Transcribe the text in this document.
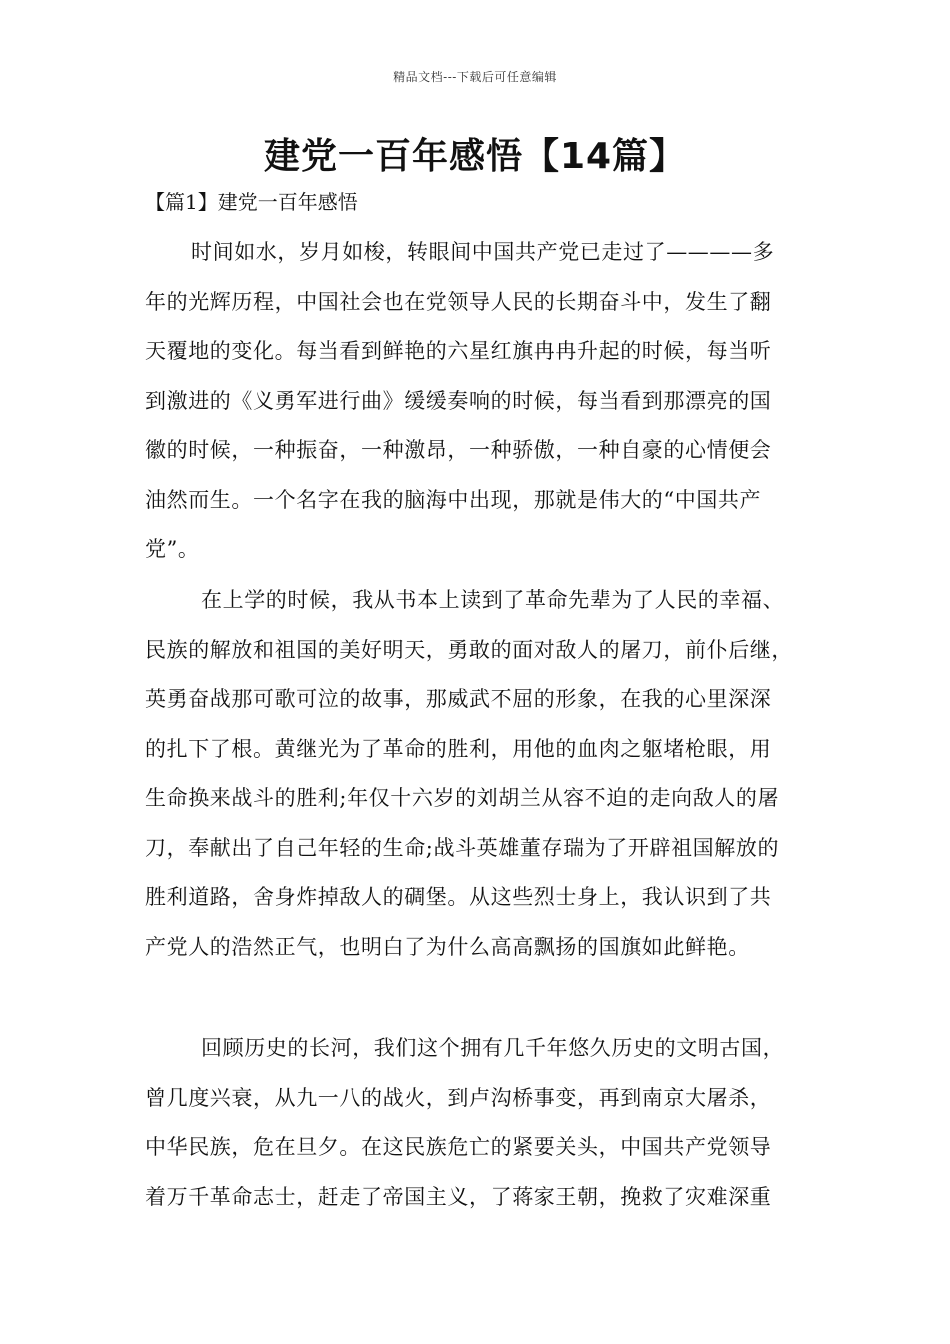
精品文档---下载后可任意编辑
建党一百年感悟【14篇】
【篇1】建党一百年感悟

时间如水，岁月如梭，转眼间中国共产党已走过了————多
年的光辉历程，中国社会也在党领导人民的长期奋斗中，发生了翻
天覆地的变化。每当看到鲜艳的六星红旗冉冉升起的时候，每当听
到激进的《义勇军进行曲》缓缓奏响的时候，每当看到那漂亮的国
徽的时候，一种振奋，一种激昂，一种骄傲，一种自豪的心情便会
油然而生。一个名字在我的脑海中出现，那就是伟大的“中国共产
党”。

在上学的时候，我从书本上读到了革命先辈为了人民的幸福、
民族的解放和祖国的美好明天，勇敢的面对敌人的屠刀，前仆后继，
英勇奋战那可歌可泣的故事，那威武不屈的形象，在我的心里深深
的扎下了根。黄继光为了革命的胜利，用他的血肉之躯堵枪眼，用
生命换来战斗的胜利;年仅十六岁的刘胡兰从容不迫的走向敌人的屠
刀，奉献出了自己年轻的生命;战斗英雄董存瑞为了开辟祖国解放的
胜利道路，舍身炸掉敌人的碉堡。从这些烈士身上，我认识到了共
产党人的浩然正气，也明白了为什么高高飘扬的国旗如此鲜艳。

回顾历史的长河，我们这个拥有几千年悠久历史的文明古国，
曾几度兴衰，从九一八的战火，到卢沟桥事变，再到南京大屠杀，
中华民族，危在旦夕。在这民族危亡的紧要关头，中国共产党领导
着万千革命志士，赶走了帝国主义，了蒋家王朝，挽救了灾难深重
